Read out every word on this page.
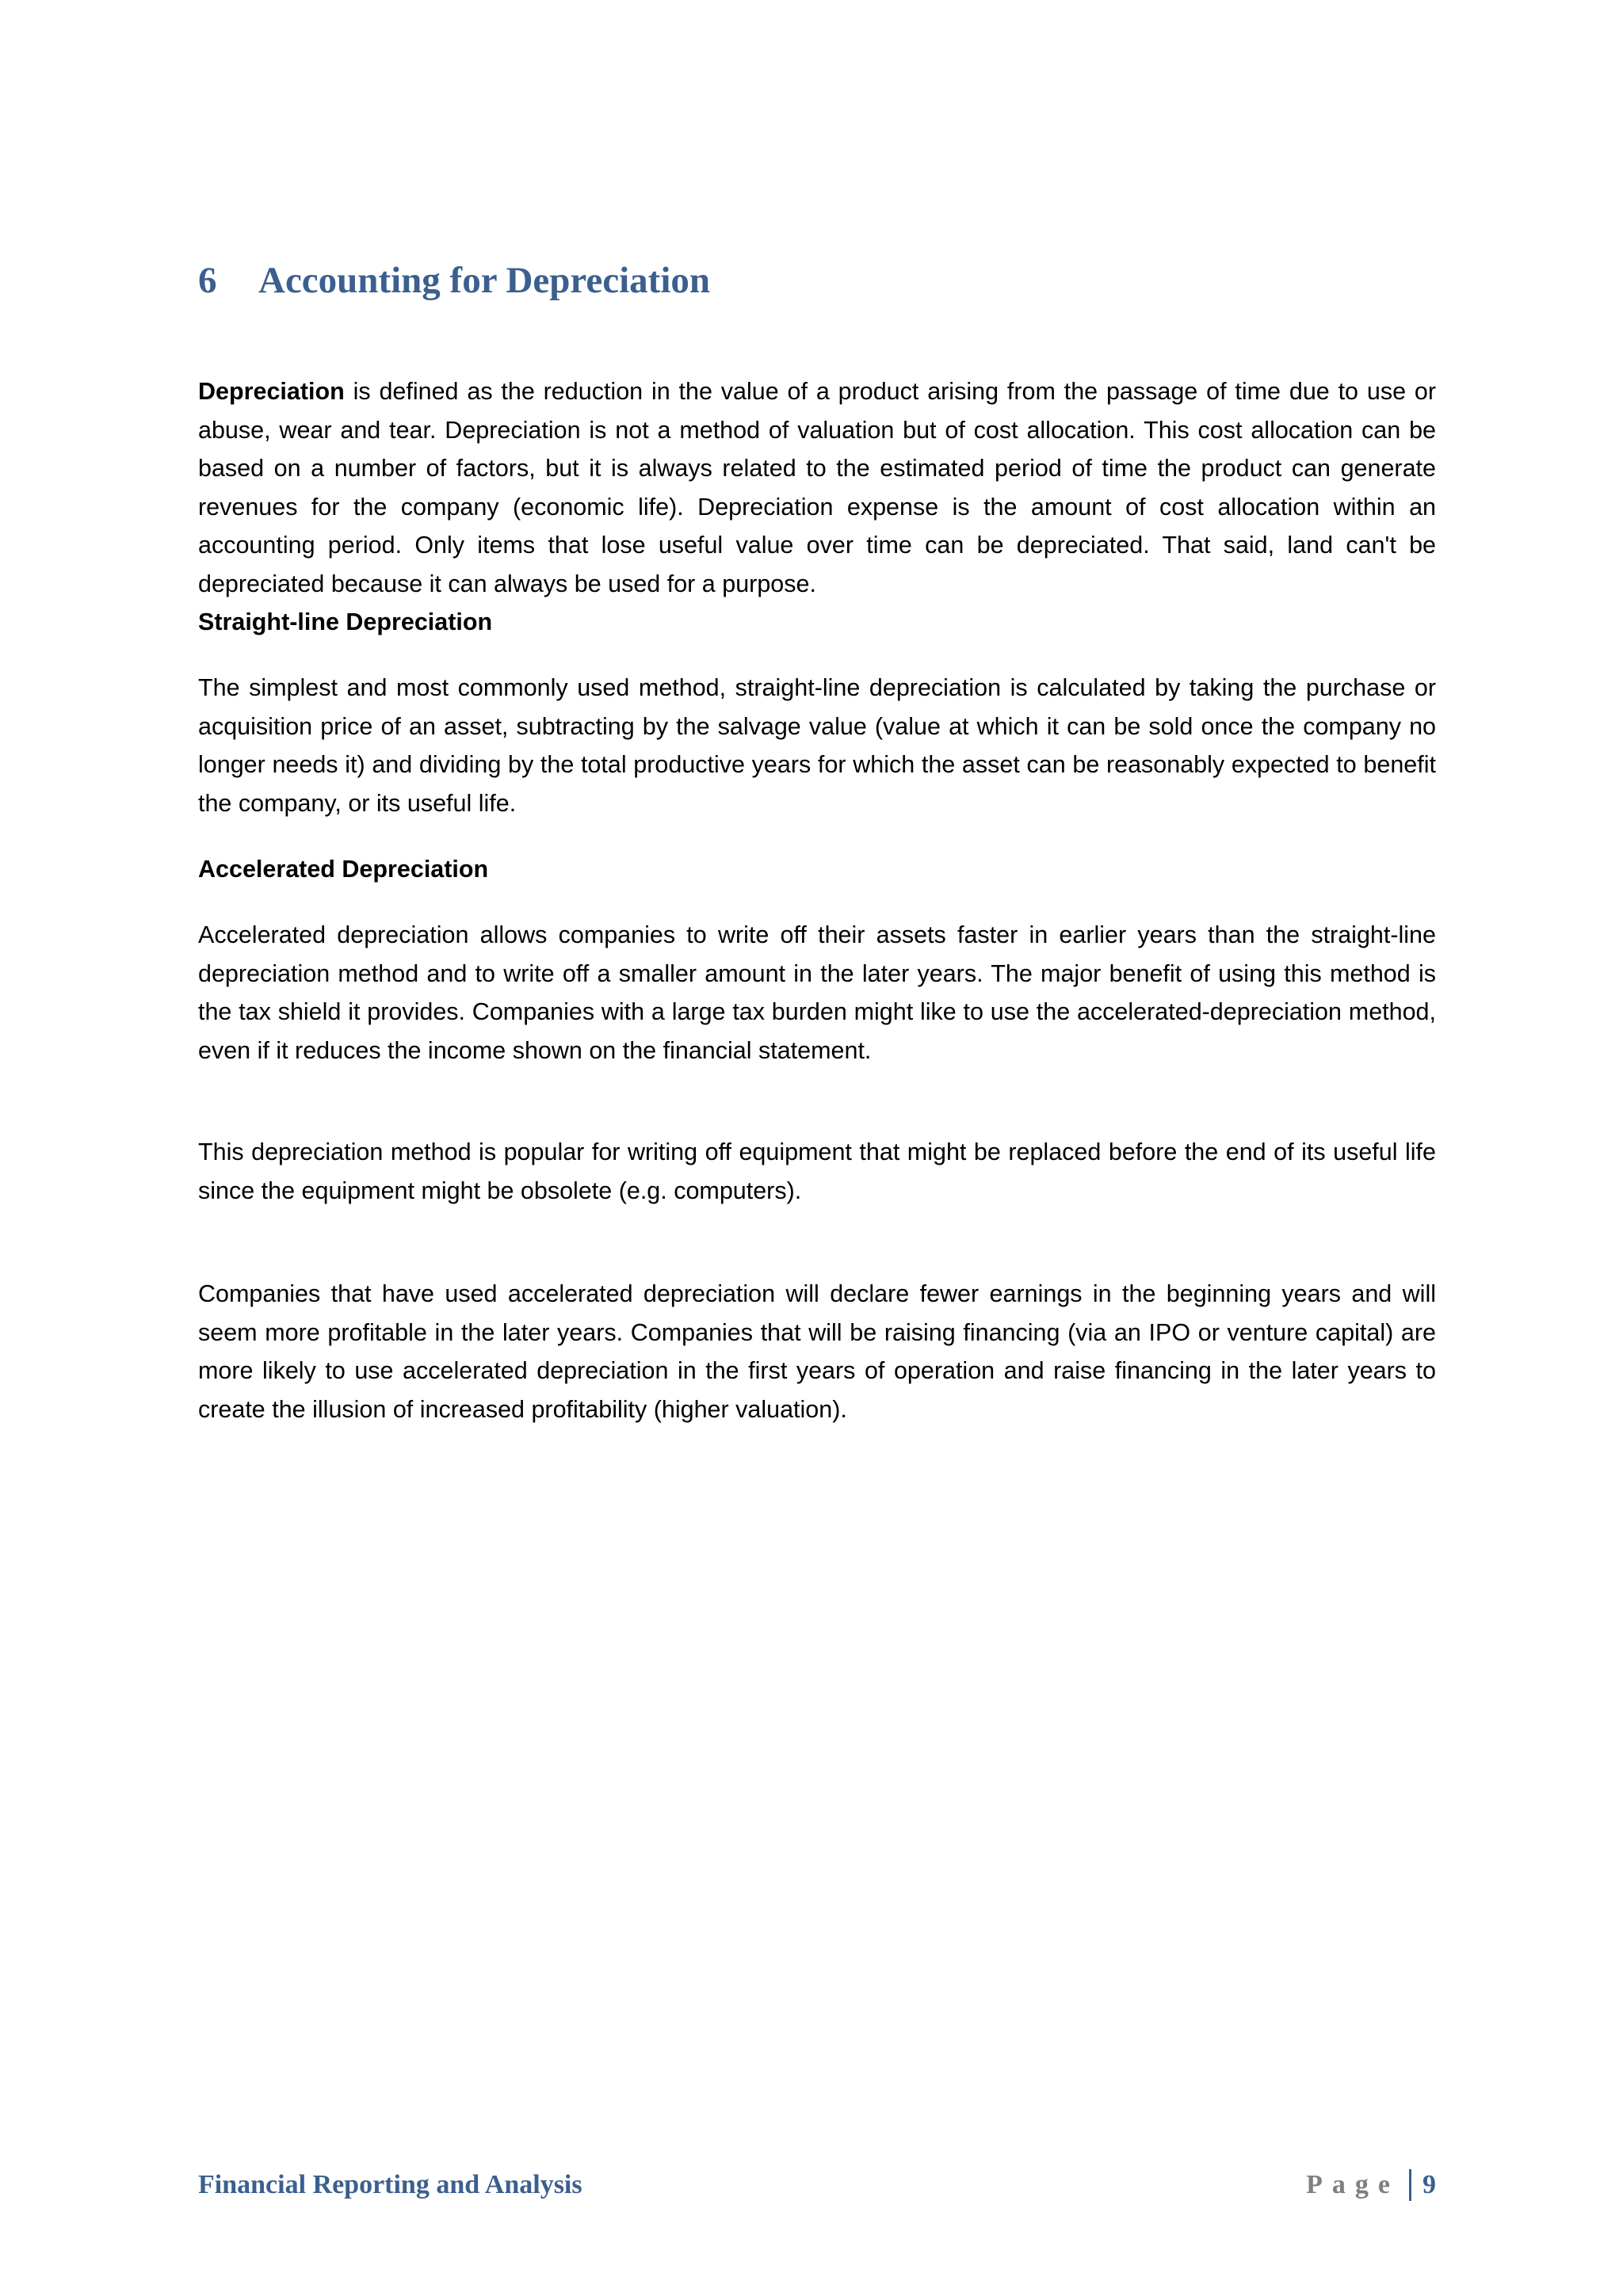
6 Accounting for Depreciation

Depreciation is defined as the reduction in the value of a product arising from the passage of time due to use or abuse, wear and tear. Depreciation is not a method of valuation but of cost allocation. This cost allocation can be based on a number of factors, but it is always related to the estimated period of time the product can generate revenues for the company (economic life). Depreciation expense is the amount of cost allocation within an accounting period. Only items that lose useful value over time can be depreciated. That said, land can't be depreciated because it can always be used for a purpose.

Straight-line Depreciation

The simplest and most commonly used method, straight-line depreciation is calculated by taking the purchase or acquisition price of an asset, subtracting by the salvage value (value at which it can be sold once the company no longer needs it) and dividing by the total productive years for which the asset can be reasonably expected to benefit the company, or its useful life.

Accelerated Depreciation

Accelerated depreciation allows companies to write off their assets faster in earlier years than the straight-line depreciation method and to write off a smaller amount in the later years. The major benefit of using this method is the tax shield it provides. Companies with a large tax burden might like to use the accelerated-depreciation method, even if it reduces the income shown on the financial statement.

This depreciation method is popular for writing off equipment that might be replaced before the end of its useful life since the equipment might be obsolete (e.g. computers).

Companies that have used accelerated depreciation will declare fewer earnings in the beginning years and will seem more profitable in the later years. Companies that will be raising financing (via an IPO or venture capital) are more likely to use accelerated depreciation in the first years of operation and raise financing in the later years to create the illusion of increased profitability (higher valuation).

Financial Reporting and Analysis	Page 9
